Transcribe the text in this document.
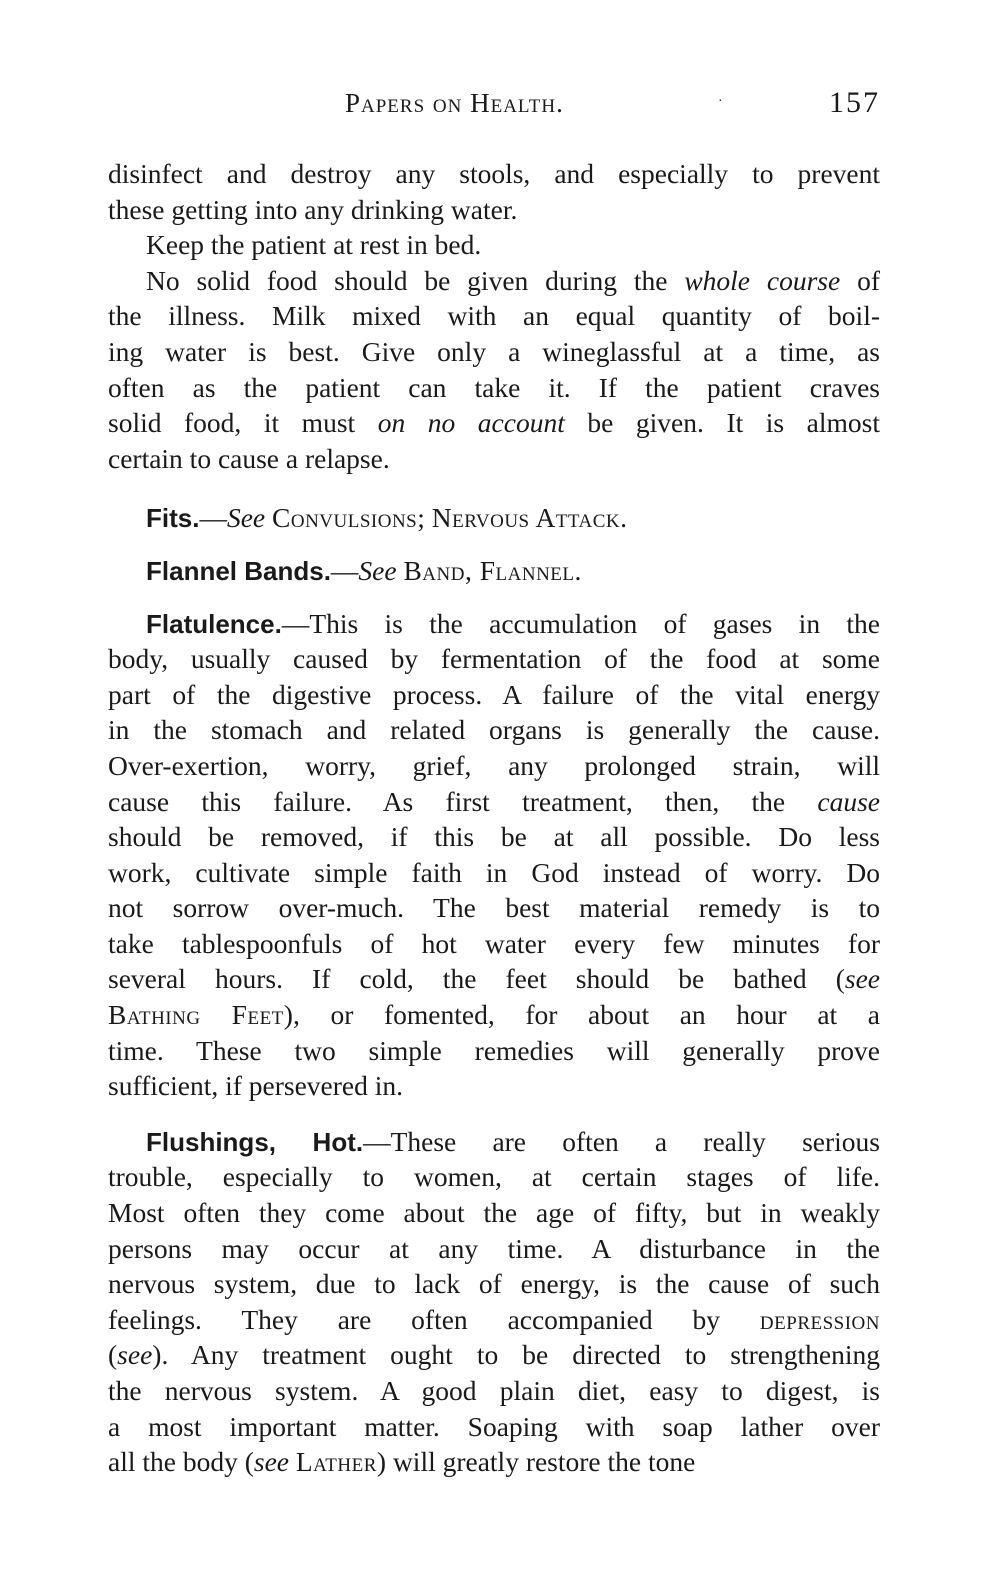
Papers on Health.	·	157
disinfect and destroy any stools, and especially to prevent
these getting into any drinking water.
Keep the patient at rest in bed.
No solid food should be given during the whole course of
the illness. Milk mixed with an equal quantity of boil-
ing water is best. Give only a wineglassful at a time, as
often as the patient can take it. If the patient craves
solid food, it must on no account be given. It is almost
certain to cause a relapse.
Fits.—See Convulsions; Nervous Attack.
Flannel Bands.—See Band, Flannel.
Flatulence.—This is the accumulation of gases in the
body, usually caused by fermentation of the food at some
part of the digestive process. A failure of the vital energy
in the stomach and related organs is generally the cause.
Over-exertion, worry, grief, any prolonged strain, will
cause this failure. As first treatment, then, the cause
should be removed, if this be at all possible. Do less
work, cultivate simple faith in God instead of worry. Do
not sorrow over-much. The best material remedy is to
take tablespoonfuls of hot water every few minutes for
several hours. If cold, the feet should be bathed (see
Bathing Feet), or fomented, for about an hour at a
time. These two simple remedies will generally prove
sufficient, if persevered in.
Flushings, Hot.—These are often a really serious
trouble, especially to women, at certain stages of life.
Most often they come about the age of fifty, but in weakly
persons may occur at any time. A disturbance in the
nervous system, due to lack of energy, is the cause of such
feelings. They are often accompanied by depression
(see). Any treatment ought to be directed to strengthening
the nervous system. A good plain diet, easy to digest, is
a most important matter. Soaping with soap lather over
all the body (see Lather) will greatly restore the tone
